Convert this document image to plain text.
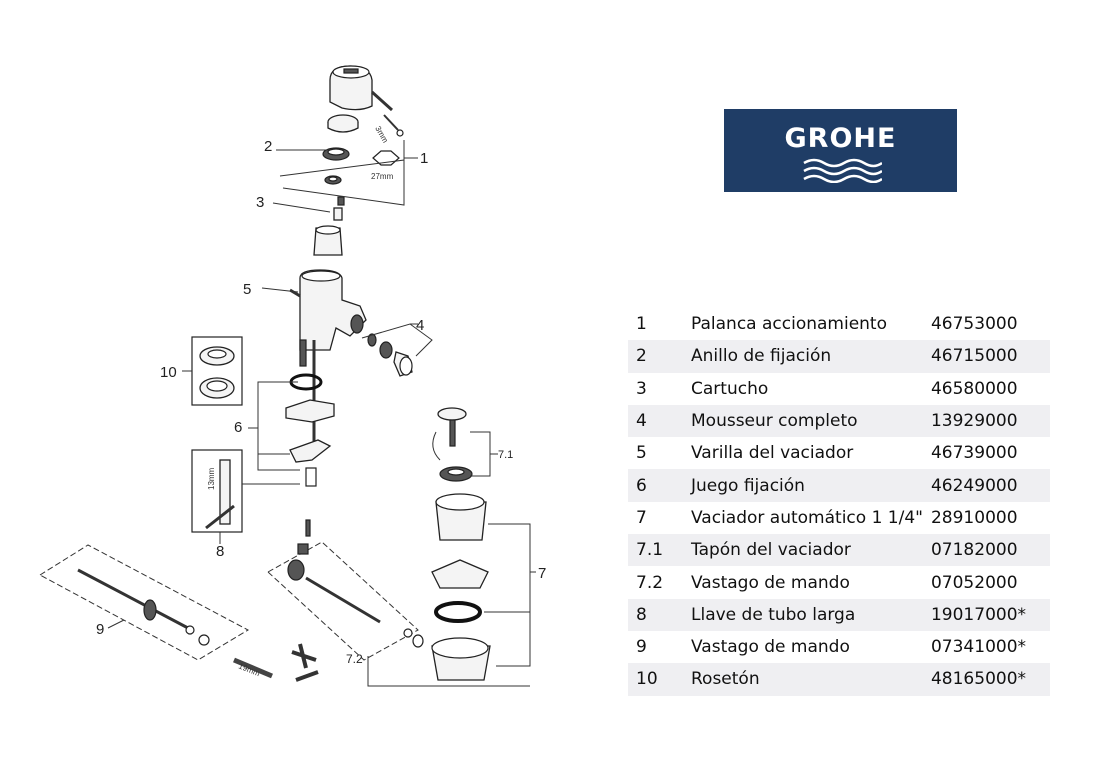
3mm
27mm
13mm
19mm
2
1
3
5
4
10
6
7.1
8
7
9
7.2
GROHE
1	Palanca accionamiento	46753000
2	Anillo de fijación	46715000
3	Cartucho	46580000
4	Mousseur completo	13929000
5	Varilla del vaciador	46739000
6	Juego fijación	46249000
7	Vaciador automático 1 1/4"	28910000
7.1	Tapón del vaciador	07182000
7.2	Vastago de mando	07052000
8	Llave de tubo larga	19017000*
9	Vastago de mando	07341000*
10	Rosetón	48165000*
